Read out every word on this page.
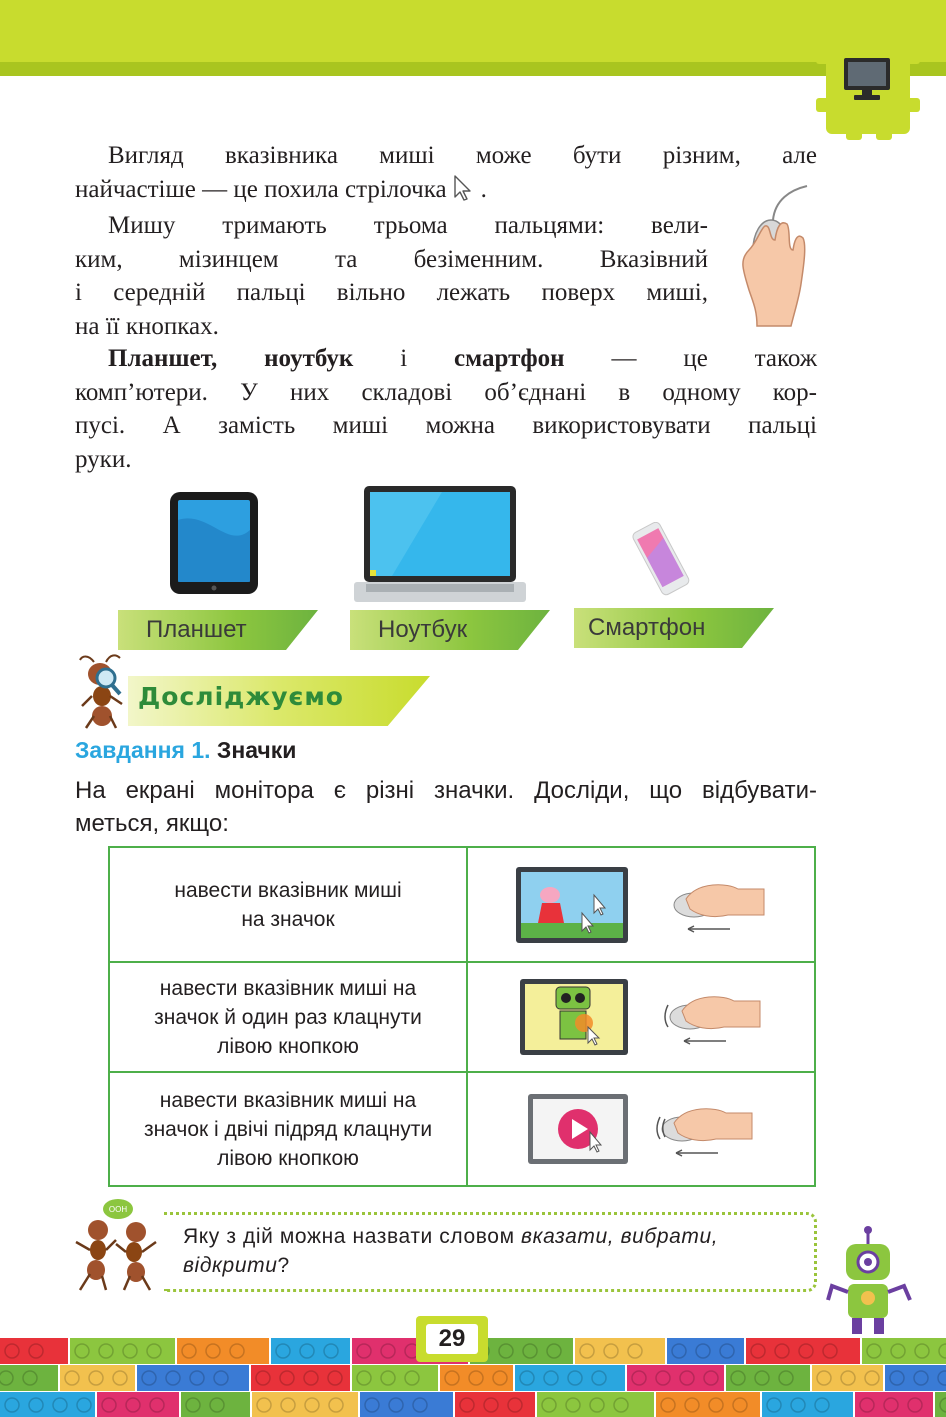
Вигляд вказівника миші може бути різним, але
найчастіше — це похила стрілочка .
Мишу тримають трьома пальцями: вели-
ким, мізинцем та безіменним. Вказівний
і середній пальці вільно лежать поверх миші,
на її кнопках.
Планшет, ноутбук і смартфон — це також
комп’ютери. У них складові об’єднані в одному кор-
пусі. А замість миші можна використовувати пальці
руки.
Планшет	Ноутбук	Смартфон
Досліджуємо
Завдання 1. Значки
На екрані монітора є різні значки. Досліди, що відбувати-
меться, якщо:
навести вказівник миші
на значок

навести вказівник миші на
значок й один раз клацнути
лівою кнопкою

навести вказівник миші на
значок і двічі підряд клацнути
лівою кнопкою

ООН
Яку з дій можна назвати словом вказати, вибрати,
відкрити?
29
